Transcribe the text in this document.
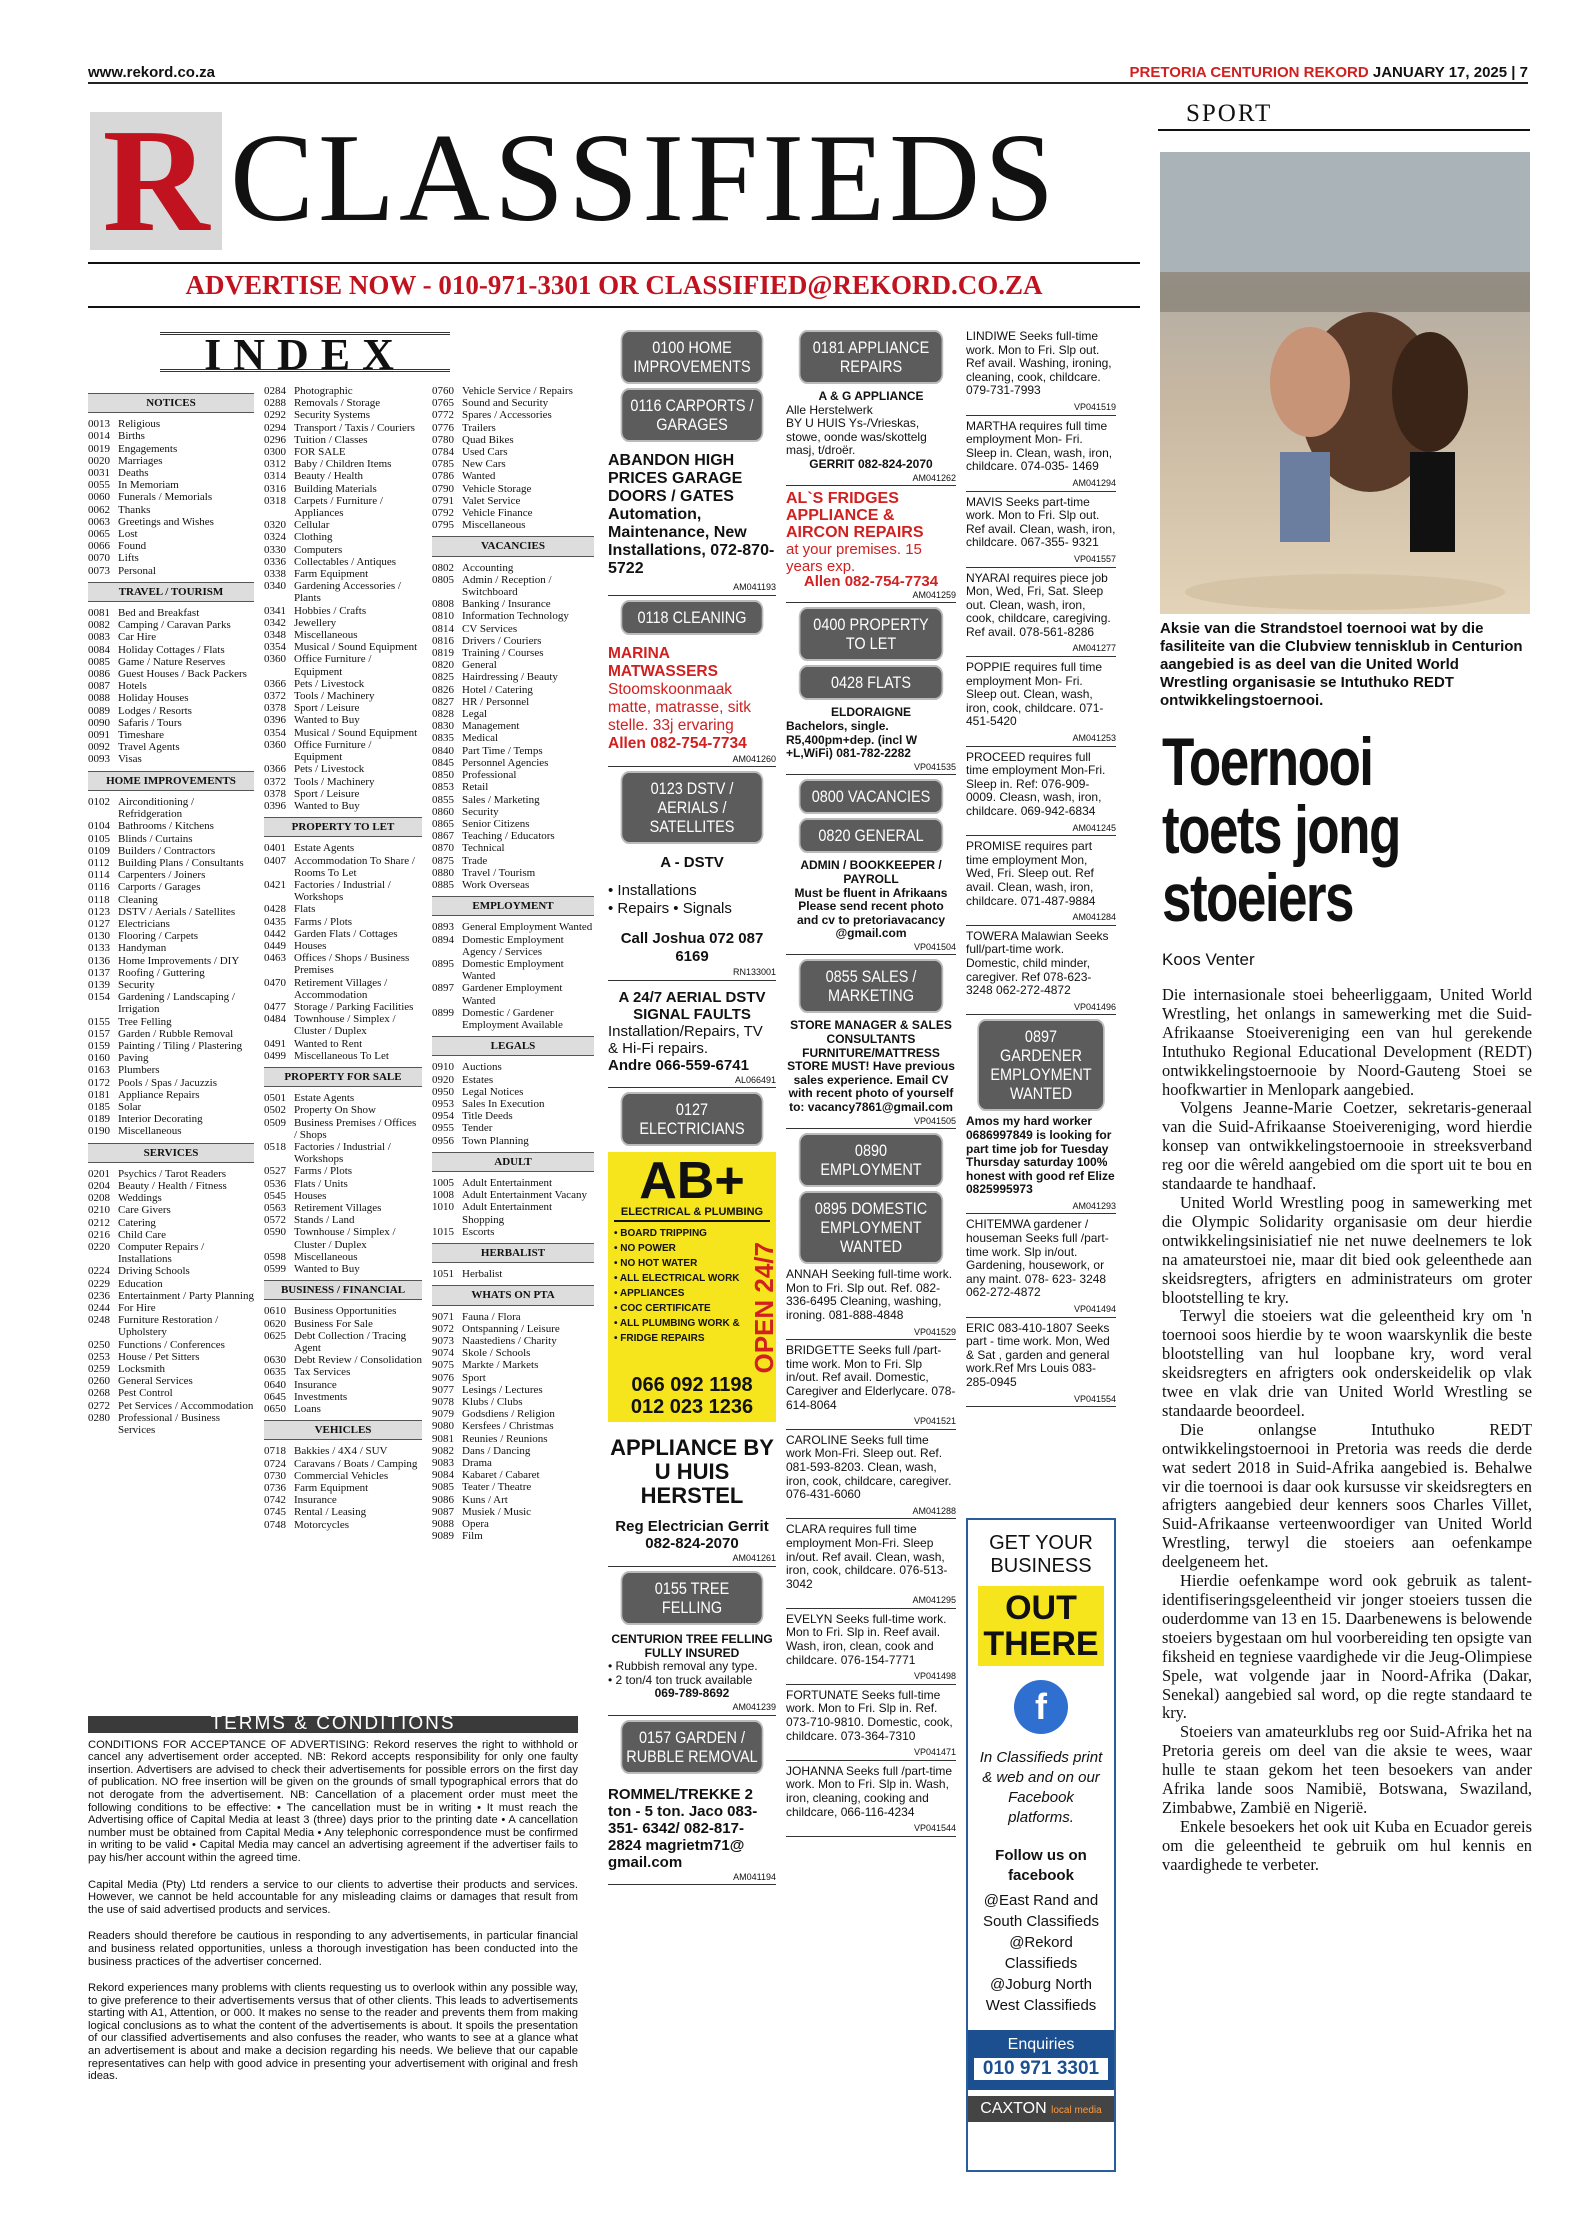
www.rekord.co.za	PRETORIA CENTURION REKORD JANUARY 17, 2025 | 7
R CLASSIFIEDS
ADVERTISE NOW - 010-971-3301 OR CLASSIFIED@REKORD.CO.ZA
INDEX
NOTICES
0013 Religious
0014 Births
0019 Engagements
0020 Marriages
0031 Deaths
0055 In Memoriam
0060 Funerals / Memorials
0062 Thanks
0063 Greetings and Wishes
0065 Lost
0066 Found
0070 Lifts
0073 Personal
TRAVEL / TOURISM
0081 Bed and Breakfast
0082 Camping / Caravan Parks
0083 Car Hire
0084 Holiday Cottages / Flats
0085 Game / Nature Reserves
0086 Guest Houses / Back Packers
0087 Hotels
0088 Holiday Houses
0089 Lodges / Resorts
0090 Safaris / Tours
0091 Timeshare
0092 Travel Agents
0093 Visas
HOME IMPROVEMENTS
0102 Airconditioning / Refridgeration
0104 Bathrooms / Kitchens
0105 Blinds / Curtains
0109 Builders / Contractors
0112 Building Plans / Consultants
0114 Carpenters / Joiners
0116 Carports / Garages
0118 Cleaning
0123 DSTV / Aerials / Satellites
0127 Electricians
0130 Flooring / Carpets
0133 Handyman
0136 Home Improvements / DIY
0137 Roofing / Guttering
0139 Security
0154 Gardening / Landscaping / Irrigation
0155 Tree Felling
0157 Garden / Rubble Removal
0159 Painting / Tiling / Plastering
0160 Paving
0163 Plumbers
0172 Pools / Spas / Jacuzzis
0181 Appliance Repairs
0185 Solar
0189 Interior Decorating
0190 Miscellaneous
SERVICES
0201 Psychics / Tarot Readers
0204 Beauty / Health / Fitness
0208 Weddings
0210 Care Givers
0212 Catering
0216 Child Care
0220 Computer Repairs / Installations
0224 Driving Schools
0229 Education
0236 Entertainment / Party Planning
0244 For Hire
0248 Furniture Restoration / Upholstery
0250 Functions / Conferences
0253 House / Pet Sitters
0259 Locksmith
0260 General Services
0268 Pest Control
0272 Pet Services / Accommodation
0280 Professional / Business Services
0284 Photographic
0288 Removals / Storage
0292 Security Systems
0294 Transport / Taxis / Couriers
0296 Tuition / Classes
0300 FOR SALE
0312 Baby / Children Items
0314 Beauty / Health
0316 Building Materials
0318 Carpets / Furniture / Appliances
0320 Cellular
0324 Clothing
0330 Computers
0336 Collectables / Antiques
0338 Farm Equipment
0340 Gardening Accessories / Plants
0341 Hobbies / Crafts
0342 Jewellery
0348 Miscellaneous
0354 Musical / Sound Equipment
0360 Office Furniture / Equipment
0366 Pets / Livestock
0372 Tools / Machinery
0378 Sport / Leisure
0396 Wanted to Buy
0354 Musical / Sound Equipment
0360 Office Furniture / Equipment
0366 Pets / Livestock
0372 Tools / Machinery
0378 Sport / Leisure
0396 Wanted to Buy
PROPERTY TO LET
0401 Estate Agents
0407 Accommodation To Share / Rooms To Let
0421 Factories / Industrial / Workshops
0428 Flats
0435 Farms / Plots
0442 Garden Flats / Cottages
0449 Houses
0463 Offices / Shops / Business Premises
0470 Retirement Villages / Accommodation
0477 Storage / Parking Facilities
0484 Townhouse / Simplex / Cluster / Duplex
0491 Wanted to Rent
0499 Miscellaneous To Let
PROPERTY FOR SALE
0501 Estate Agents
0502 Property On Show
0509 Business Premises / Offices / Shops
0518 Factories / Industrial / Workshops
0527 Farms / Plots
0536 Flats / Units
0545 Houses
0563 Retirement Villages
0572 Stands / Land
0590 Townhouse / Simplex / Cluster / Duplex
0598 Miscellaneous
0599 Wanted to Buy
BUSINESS / FINANCIAL
0610 Business Opportunities
0620 Business For Sale
0625 Debt Collection / Tracing Agent
0630 Debt Review / Consolidation
0635 Tax Services
0640 Insurance
0645 Investments
0650 Loans
VEHICLES
0718 Bakkies / 4X4 / SUV
0724 Caravans / Boats / Camping
0730 Commercial Vehicles
0736 Farm Equipment
0742 Insurance
0745 Rental / Leasing
0748 Motorcycles
0760 Vehicle Service / Repairs
0765 Sound and Security
0772 Spares / Accessories
0776 Trailers
0780 Quad Bikes
0784 Used Cars
0785 New Cars
0786 Wanted
0790 Vehicle Storage
0791 Valet Service
0792 Vehicle Finance
0795 Miscellaneous
VACANCIES
0802 Accounting
0805 Admin / Reception / Switchboard
0808 Banking / Insurance
0810 Information Technology
0814 CV Services
0816 Drivers / Couriers
0819 Training / Courses
0820 General
0825 Hairdressing / Beauty
0826 Hotel / Catering
0827 HR / Personnel
0828 Legal
0830 Management
0835 Medical
0840 Part Time / Temps
0845 Personnel Agencies
0850 Professional
0853 Retail
0855 Sales / Marketing
0860 Security
0865 Senior Citizens
0867 Teaching / Educators
0870 Technical
0875 Trade
0880 Travel / Tourism
0885 Work Overseas
EMPLOYMENT
0893 General Employment Wanted
0894 Domestic Employment Agency / Services
0895 Domestic Employment Wanted
0897 Gardener Employment Wanted
0899 Domestic / Gardener Employment Available
LEGALS
0910 Auctions
0920 Estates
0950 Legal Notices
0953 Sales In Execution
0954 Title Deeds
0955 Tender
0956 Town Planning
ADULT
1005 Adult Entertainment
1008 Adult Entertainment Vacany
1010 Adult Entertainment Shopping
1015 Escorts
HERBALIST
1051 Herbalist
WHATS ON PTA
9071 Fauna / Flora
9072 Ontspanning / Leisure
9073 Naastediens / Charity
9074 Skole / Schools
9075 Markte / Markets
9076 Sport
9077 Lesings / Lectures
9078 Klubs / Clubs
9079 Godsdiens / Religion
9080 Kersfees / Christmas
9081 Reunies / Reunions
9082 Dans / Dancing
9083 Drama
9084 Kabaret / Cabaret
9085 Teater / Theatre
9086 Kuns / Art
9087 Musiek / Music
9088 Opera
9089 Film
TERMS & CONDITIONS

CONDITIONS FOR ACCEPTANCE OF ADVERTISING: Rekord reserves the right to withhold or cancel any advertisement order accepted. NB: Rekord accepts responsibility for only one faulty insertion. Advertisers are advised to check their advertisements for possible errors on the first day of publication. NO free insertion will be given on the grounds of small typographical errors that do not derogate from the advertisement. NB: Cancellation of a placement order must meet the following conditions to be effective: • The cancellation must be in writing • It must reach the Advertising office of Capital Media at least 3 (three) days prior to the printing date • A cancellation number must be obtained from Capital Media • Any telephonic correspondence must be confirmed in writing to be valid • Capital Media may cancel an advertising agreement if the advertiser fails to pay his/her account within the agreed time.

Capital Media (Pty) Ltd renders a service to our clients to advertise their products and services. However, we cannot be held accountable for any misleading claims or damages that result from the use of said advertised products and services.

Readers should therefore be cautious in responding to any advertisements, in particular financial and business related opportunities, unless a thorough investigation has been conducted into the business practices of the advertiser concerned.

Rekord experiences many problems with clients requesting us to overlook within any possible way, to give preference to their advertisements versus that of other clients. This leads to advertisements starting with A1, Attention, or 000. It makes no sense to the reader and prevents them from making logical conclusions as to what the content of the advertisements is about. It spoils the presentation of our classified advertisements and also confuses the reader, who wants to see at a glance what an advertisement is about and make a decision regarding his needs. We believe that our capable representatives can help with good advice in presenting your advertisement with original and fresh ideas.

0100 HOME IMPROVEMENTS
0116 CARPORTS / GARAGES
ABANDON HIGH PRICES GARAGE DOORS / GATES Automation, Maintenance, New Installations, 072-870-5722
AM041193
0118 CLEANING
MARINA MATWASSERS
Stoomskoonmaak matte, matrasse, sitk stelle. 33j ervaring
Allen 082-754-7734
AM041260
0123 DSTV / AERIALS / SATELLITES
A - DSTV
• Installations
• Repairs • Signals
Call Joshua 072 087 6169
RN133001
A 24/7 AERIAL DSTV SIGNAL FAULTS
Installation/Repairs, TV & Hi-Fi repairs.
Andre 066-559-6741
AL066491
0127 ELECTRICIANS
AB+
ELECTRICAL & PLUMBING
• BOARD TRIPPING
• NO POWER
• NO HOT WATER
• ALL ELECTRICAL WORK
• APPLIANCES
• COC CERTIFICATE
• ALL PLUMBING WORK &
• FRIDGE REPAIRS	OPEN 24/7
066 092 1198
012 023 1236
APPLIANCE BY U HUIS HERSTEL
Reg Electrician Gerrit 082-824-2070
AM041261
0155 TREE FELLING
CENTURION TREE FELLING FULLY INSURED
• Rubbish removal any type.
• 2 ton/4 ton truck available
069-789-8692
AM041239
0157 GARDEN / RUBBLE REMOVAL
ROMMEL/TREKKE 2 ton - 5 ton. Jaco 083-351- 6342/ 082-817-2824 magrietm71@ gmail.com
AM041194
0181 APPLIANCE REPAIRS
A & G APPLIANCE
Alle Herstelwerk
BY U HUIS Ys-/Vrieskas, stowe, oonde was/skottelg masj, t/droër.
GERRIT 082-824-2070
AM041262
AL`S FRIDGES APPLIANCE & AIRCON REPAIRS
at your premises. 15 years exp.
Allen 082-754-7734
AM041259
0400 PROPERTY TO LET
0428 FLATS
ELDORAIGNE
Bachelors, single. R5,400pm+dep. (incl W +L,WiFi) 081-782-2282
VP041535
0800 VACANCIES
0820 GENERAL
ADMIN / BOOKKEEPER / PAYROLL
Must be fluent in Afrikaans Please send recent photo and cv to pretoriavacancy @gmail.com
VP041504
0855 SALES / MARKETING
STORE MANAGER & SALES CONSULTANTS
FURNITURE/MATTRESS STORE MUST! Have previous sales experience. Email CV with recent photo of yourself to: vacancy7861@gmail.com
VP041505
0890 EMPLOYMENT
0895 DOMESTIC EMPLOYMENT WANTED
ANNAH Seeking full-time work. Mon to Fri. Slp out. Ref. 082-336-6495 Cleaning, washing, ironing. 081-888-4848
VP041529
BRIDGETTE Seeks full /part-time work. Mon to Fri. Slp in/out. Ref avail. Domestic, Caregiver and Elderlycare. 078-614-8064
VP041521
CAROLINE Seeks full time work Mon-Fri. Sleep out. Ref. 081-593-8203. Clean, wash, iron, cook, childcare, caregiver. 076-431-6060
AM041288
CLARA requires full time employment Mon-Fri. Sleep in/out. Ref avail. Clean, wash, iron, cook, childcare. 076-513-3042
AM041295
EVELYN Seeks full-time work. Mon to Fri. Slp in. Reef avail. Wash, iron, clean, cook and childcare. 076-154-7771
VP041498
FORTUNATE Seeks full-time work. Mon to Fri. Slp in. Ref. 073-710-9810. Domestic, cook, childcare. 073-364-7310
VP041471
JOHANNA Seeks full /part-time work. Mon to Fri. Slp in. Wash, iron, cleaning, cooking and childcare, 066-116-4234
VP041544
LINDIWE Seeks full-time work. Mon to Fri. Slp out. Ref avail. Washing, ironing, cleaning, cook, childcare. 079-731-7993
VP041519
MARTHA requires full time employment Mon- Fri. Sleep in. Clean, wash, iron, childcare. 074-035- 1469
AM041294
MAVIS Seeks part-time work. Mon to Fri. Slp out. Ref avail. Clean, wash, iron, childcare. 067-355- 9321
VP041557
NYARAI requires piece job Mon, Wed, Fri, Sat. Sleep out. Clean, wash, iron, cook, childcare, caregiving. Ref avail. 078-561-8286
AM041277
POPPIE requires full time employment Mon- Fri. Sleep out. Clean, wash, iron, cook, childcare. 071-451-5420
AM041253
PROCEED requires full time employment Mon-Fri. Sleep in. Ref: 076-909-0009. Cleasn, wash, iron, childcare. 069-942-6834
AM041245
PROMISE requires part time employment Mon, Wed, Fri. Sleep out. Ref avail. Clean, wash, iron, childcare. 071-487-9884
AM041284
TOWERA Malawian Seeks full/part-time work. Domestic, child minder, caregiver. Ref 078-623-3248 062-272-4872
VP041496
0897 GARDENER EMPLOYMENT WANTED
Amos my hard worker 0686997849 is looking for part time job for Tuesday Thursday saturday 100% honest with good ref Elize 0825995973
AM041293
CHITEMWA gardener / houseman Seeks full /part-time work. Slp in/out. Gardening, housework, or any maint. 078- 623- 3248 062-272-4872
VP041494
ERIC 083-410-1807 Seeks part - time work. Mon, Wed & Sat , garden and general work.Ref Mrs Louis 083-285-0945
VP041554
GET YOUR BUSINESS
OUT THERE
f
In Classifieds print & web and on our Facebook platforms.
Follow us on facebook
@East Rand and South Classifieds @Rekord Classifieds @Joburg North West Classifieds
Enquiries
010 971 3301
CAXTON local media
SPORT
Aksie van die Strandstoel toernooi wat by die fasiliteite van die Clubview tennisklub in Centurion aangebied is as deel van die United World Wrestling organisasie se Intuthuko REDT ontwikkelingstoernooi.
Toernooi toets jong stoeiers
Koos Venter

Die internasionale stoei beheerliggaam, United World Wrestling, het onlangs in samewerking met die Suid-Afrikaanse Stoeivereniging een van hul gerekende Intuthuko Regional Educational Development (REDT) ontwikkelingstoernooie by Noord-Gauteng Stoei se hoofkwartier in Menlopark aangebied.

Volgens Jeanne-Marie Coetzer, sekretaris-generaal van die Suid-Afrikaanse Stoeivereniging, word hierdie konsep van ontwikkelingstoernooie in streeksverband reg oor die wêreld aangebied om die sport uit te bou en standaarde te handhaaf.

United World Wrestling poog in samewerking met die Olympic Solidarity organisasie om deur hierdie ontwikkelingsinisiatief nie net nuwe deelnemers te lok na amateurstoei nie, maar dit bied ook geleenthede aan skeidsregters, afrigters en administrateurs om groter blootstelling te kry.

Terwyl die stoeiers wat die geleentheid kry om 'n toernooi soos hierdie by te woon waarskynlik die beste blootstelling van hul loopbane kry, word veral skeidsregters en afrigters ook onderskeidelik op vlak twee en vlak drie van United World Wrestling se standaarde beoordeel.

Die onlangse Intuthuko REDT ontwikkelingstoernooi in Pretoria was reeds die derde wat sedert 2018 in Suid-Afrika aangebied is. Behalwe vir die toernooi is daar ook kursusse vir skeidsregters en afrigters aangebied deur kenners soos Charles Villet, Suid-Afrikaanse verteenwoordiger van United World Wrestling, terwyl die stoeiers aan oefenkampe deelgeneem het.

Hierdie oefenkampe word ook gebruik as talent-identifiseringsgeleentheid vir jonger stoeiers tussen die ouderdomme van 13 en 15. Daarbenewens is belowende stoeiers bygestaan om hul voorbereiding ten opsigte van fiksheid en tegniese vaardighede vir die Jeug-Olimpiese Spele, wat volgende jaar in Noord-Afrika (Dakar, Senekal) aangebied sal word, op die regte standaard te kry.

Stoeiers van amateurklubs reg oor Suid-Afrika het na Pretoria gereis om deel van die aksie te wees, waar hulle te staan gekom het teen besoekers van ander Afrika lande soos Namibië, Botswana, Swaziland, Zimbabwe, Zambië en Nigerië.

Enkele besoekers het ook uit Kuba en Ecuador gereis om die geleentheid te gebruik om hul kennis en vaardighede te verbeter.
